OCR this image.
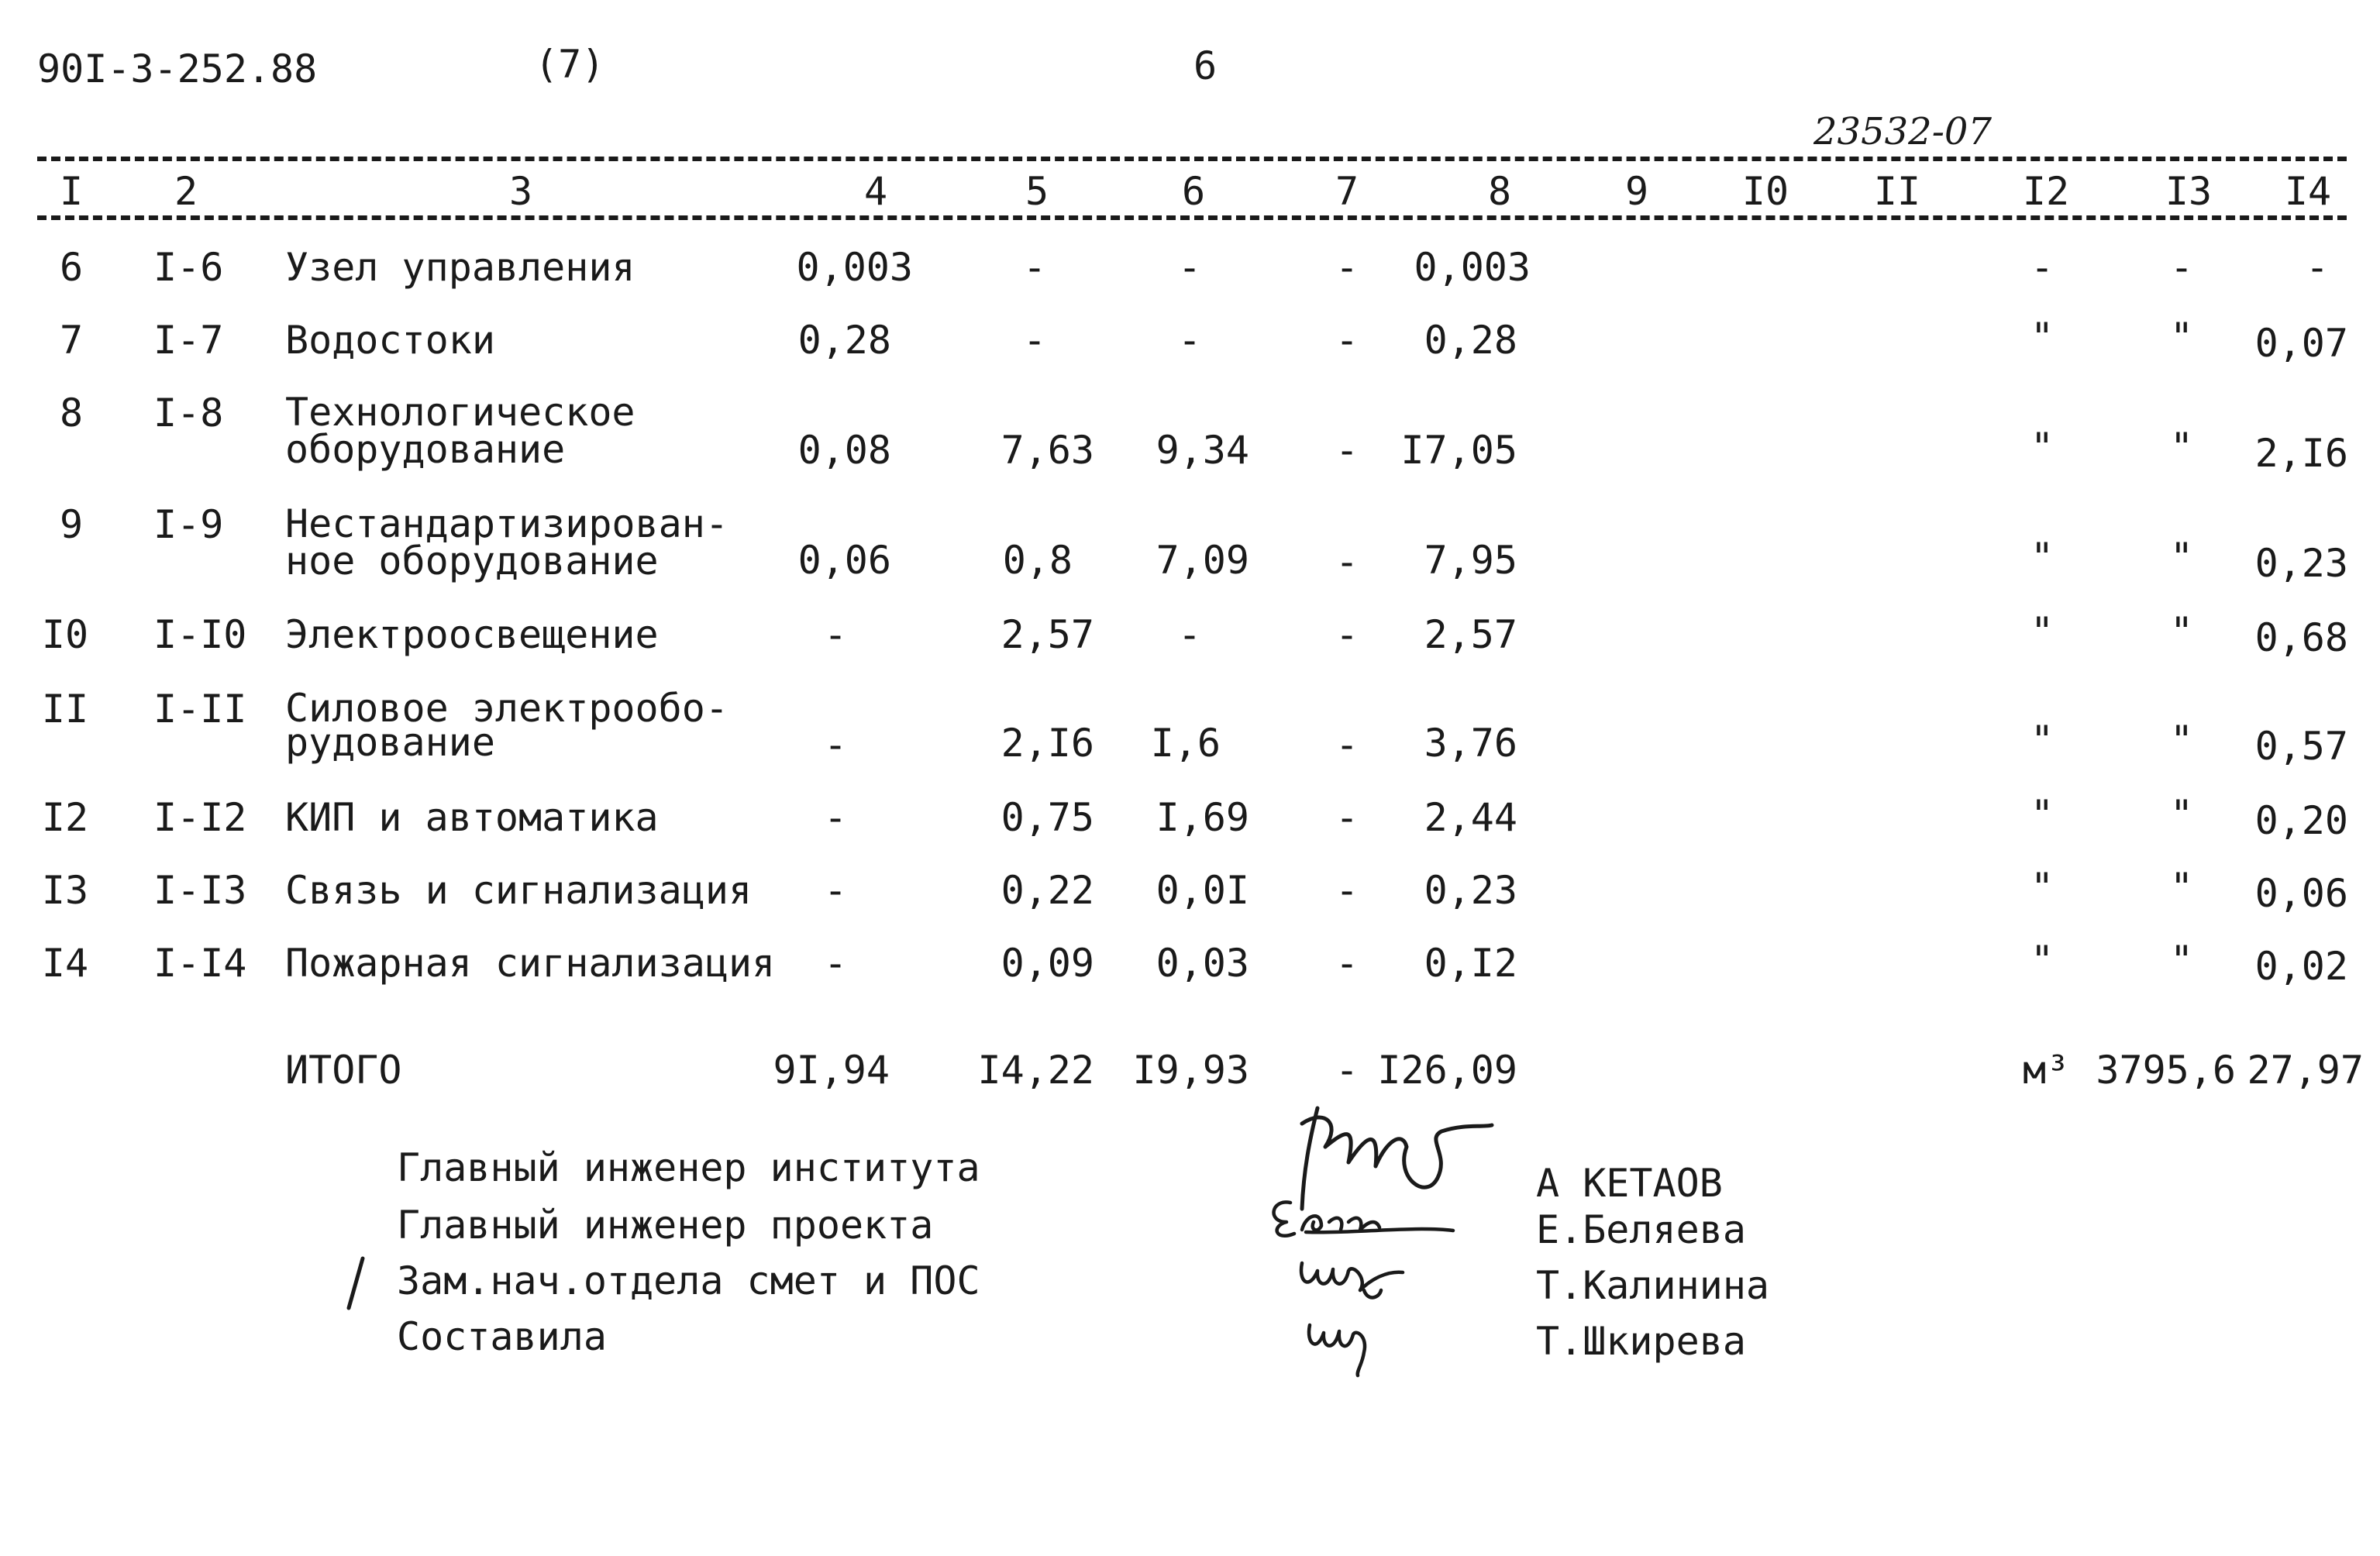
90I-3-252.88	(7)	6
23532-07
I 2	3	4	5	6	7	8	9 I0 II	I2 I3 I4
6 I-6 Узел управления	0,003	-	-	- 0,003	-	-	-
7 I-7 Водостоки	0,28	-	-	- 0,28	"	" 0,07
8 I-8 Технологическое
оборудование	0,08	7,63 9,34 - I7,05	"	" 2,I6
9 I-9 Нестандартизирован-
ное оборудование	0,06	0,8 7,09 - 7,95	"	" 0,23
I0 I-I0 Электроосвещение	-	2,57 -	- 2,57	"	" 0,68
II I-II Силовое электрообо-
рудование	-	2,I6 I,6	- 3,76	"	" 0,57
I2 I-I2 КИП и автоматика	-	0,75 I,69 - 2,44	"	" 0,20
I3 I-I3 Связь и сигнализация -	0,22 0,0I - 0,23	"	" 0,06
I4 I-I4 Пожарная сигнализация -	0,09 0,03 - 0,I2	"	" 0,02
ИТОГО	9I,94 I4,22 I9,93 - I26,09	м³ 3795,6 27,97
Главный инженер института	А КЕТАОВ
Главный инженер проекта	Е.Беляева
Зам.нач.отдела смет и ПОС	Т.Калинина
Составила	Т.Шкирева
